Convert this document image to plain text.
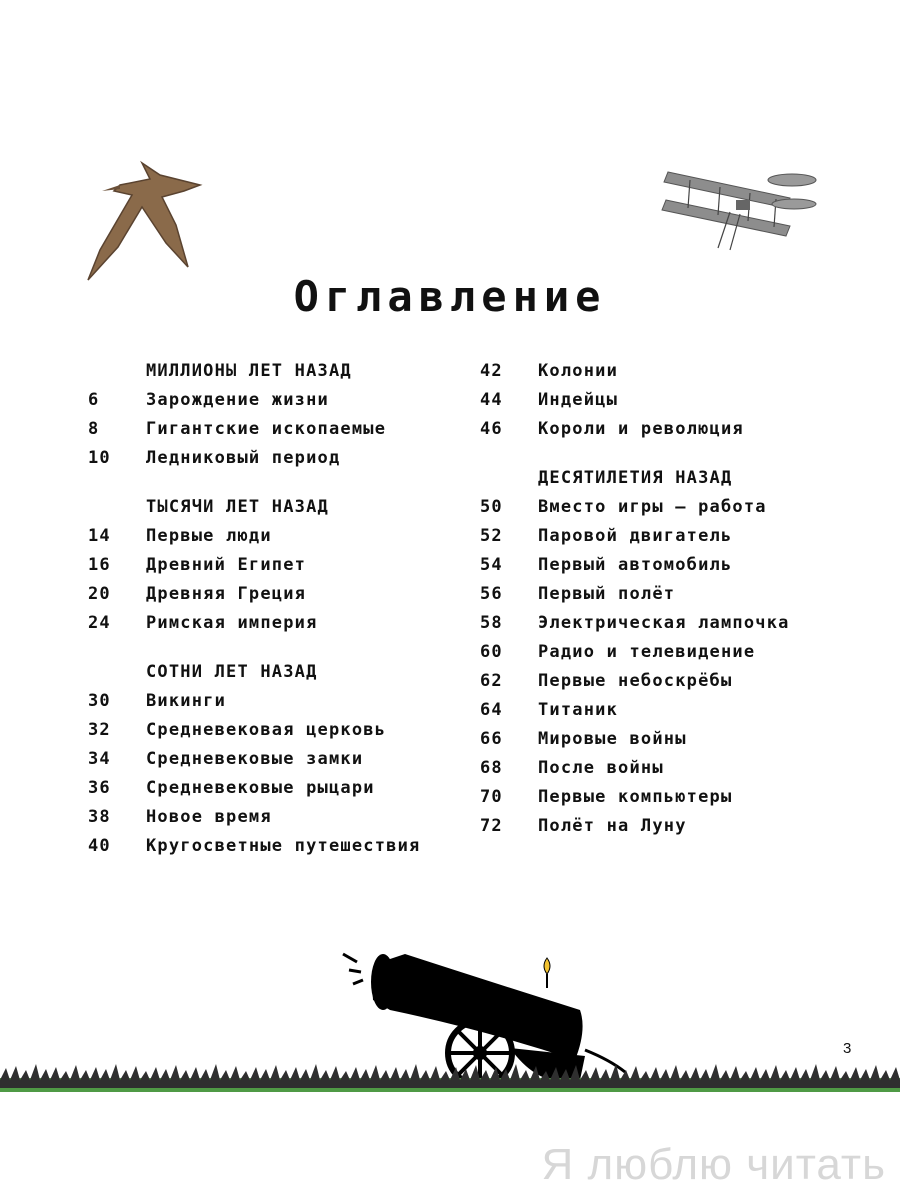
Оглавление
МИЛЛИОНЫ ЛЕТ НАЗАД
6	Зарождение жизни
8	Гигантские ископаемые
10 Ледниковый период
ТЫСЯЧИ ЛЕТ НАЗАД
14 Первые люди
16 Древний Египет
20 Древняя Греция
24 Римская империя
СОТНИ ЛЕТ НАЗАД
30 Викинги
32 Средневековая церковь
34 Средневековые замки
36 Средневековые рыцари
38 Новое время
40 Кругосветные путешествия
42 Колонии
44 Индейцы
46 Короли и революция
ДЕСЯТИЛЕТИЯ НАЗАД
50 Вместо игры – работа
52 Паровой двигатель
54 Первый автомобиль
56 Первый полёт
58 Электрическая лампочка
60 Радио и телевидение
62 Первые небоскрёбы
64 Титаник
66 Мировые войны
68 После войны
70 Первые компьютеры
72 Полёт на Луну
3
Я люблю читать
